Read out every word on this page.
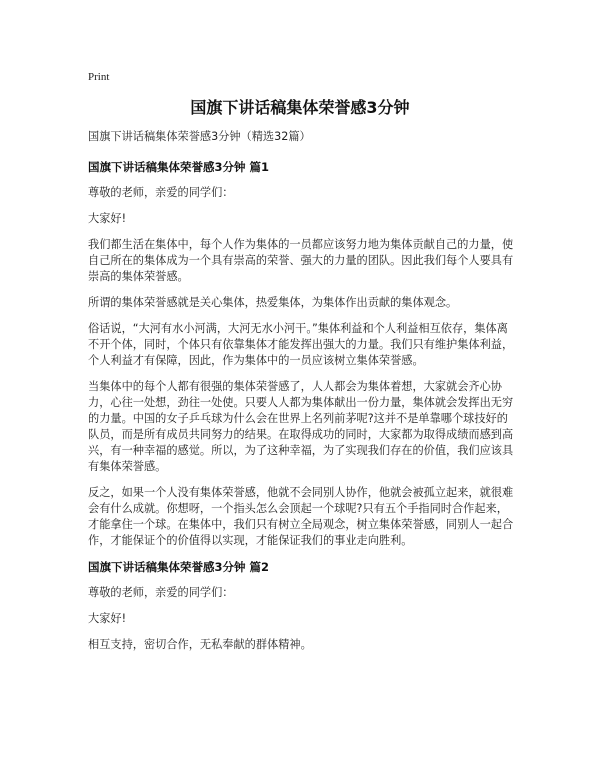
Print
国旗下讲话稿集体荣誉感3分钟

国旗下讲话稿集体荣誉感3分钟（精选32篇）

国旗下讲话稿集体荣誉感3分钟 篇1

尊敬的老师，亲爱的同学们：

大家好!

我们都生活在集体中，每个人作为集体的一员都应该努力地为集体贡献自己的力量，使自己所在的集体成为一个具有崇高的荣誉、强大的力量的团队。因此我们每个人要具有崇高的集体荣誉感。

所谓的集体荣誉感就是关心集体，热爱集体，为集体作出贡献的集体观念。

俗话说，“大河有水小河满，大河无水小河干。”集体利益和个人利益相互依存，集体离不开个体，同时，个体只有依靠集体才能发挥出强大的力量。我们只有维护集体利益，个人利益才有保障，因此，作为集体中的一员应该树立集体荣誉感。

当集体中的每个人都有很强的集体荣誉感了，人人都会为集体着想，大家就会齐心协力，心往一处想，劲往一处使。只要人人都为集体献出一份力量，集体就会发挥出无穷的力量。中国的女子乒乓球为什么会在世界上名列前茅呢?这并不是单靠哪个球技好的队员，而是所有成员共同努力的结果。在取得成功的同时，大家都为取得成绩而感到高兴，有一种幸福的感觉。所以，为了这种幸福，为了实现我们存在的价值，我们应该具有集体荣誉感。

反之，如果一个人没有集体荣誉感，他就不会同别人协作，他就会被孤立起来，就很难会有什么成就。你想呀，一个指头怎么会顶起一个球呢?只有五个手指同时合作起来，才能拿住一个球。在集体中，我们只有树立全局观念，树立集体荣誉感，同别人一起合作，才能保证个的价值得以实现，才能保证我们的事业走向胜利。

国旗下讲话稿集体荣誉感3分钟 篇2

尊敬的老师，亲爱的同学们：

大家好!

相互支持，密切合作，无私奉献的群体精神。
